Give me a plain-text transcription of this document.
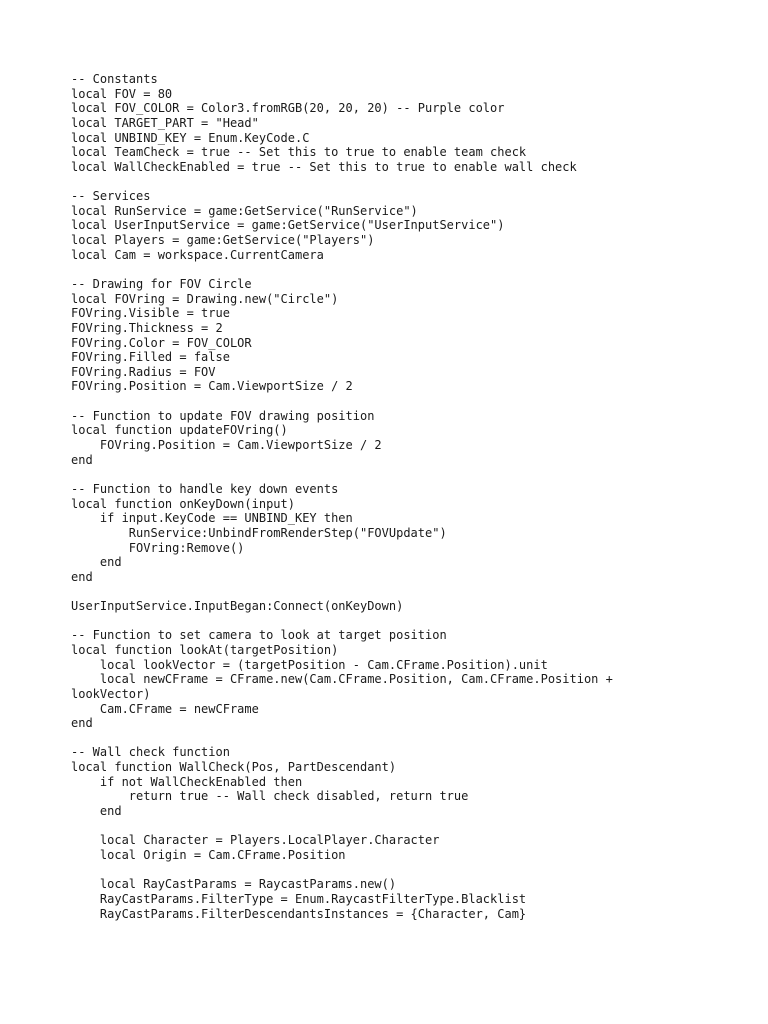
-- Constants
local FOV = 80
local FOV_COLOR = Color3.fromRGB(20, 20, 20) -- Purple color
local TARGET_PART = "Head"
local UNBIND_KEY = Enum.KeyCode.C
local TeamCheck = true -- Set this to true to enable team check
local WallCheckEnabled = true -- Set this to true to enable wall check
-- Services
local RunService = game:GetService("RunService")
local UserInputService = game:GetService("UserInputService")
local Players = game:GetService("Players")
local Cam = workspace.CurrentCamera
-- Drawing for FOV Circle
local FOVring = Drawing.new("Circle")
FOVring.Visible = true
FOVring.Thickness = 2
FOVring.Color = FOV_COLOR
FOVring.Filled = false
FOVring.Radius = FOV
FOVring.Position = Cam.ViewportSize / 2
-- Function to update FOV drawing position
local function updateFOVring()
FOVring.Position = Cam.ViewportSize / 2
end
-- Function to handle key down events
local function onKeyDown(input)
if input.KeyCode == UNBIND_KEY then
RunService:UnbindFromRenderStep("FOVUpdate")
FOVring:Remove()
end
end
UserInputService.InputBegan:Connect(onKeyDown)
-- Function to set camera to look at target position
local function lookAt(targetPosition)
local lookVector = (targetPosition - Cam.CFrame.Position).unit
local newCFrame = CFrame.new(Cam.CFrame.Position, Cam.CFrame.Position +
lookVector)
Cam.CFrame = newCFrame
end
-- Wall check function
local function WallCheck(Pos, PartDescendant)
if not WallCheckEnabled then
return true -- Wall check disabled, return true
end
local Character = Players.LocalPlayer.Character
local Origin = Cam.CFrame.Position
local RayCastParams = RaycastParams.new()
RayCastParams.FilterType = Enum.RaycastFilterType.Blacklist
RayCastParams.FilterDescendantsInstances = {Character, Cam}
